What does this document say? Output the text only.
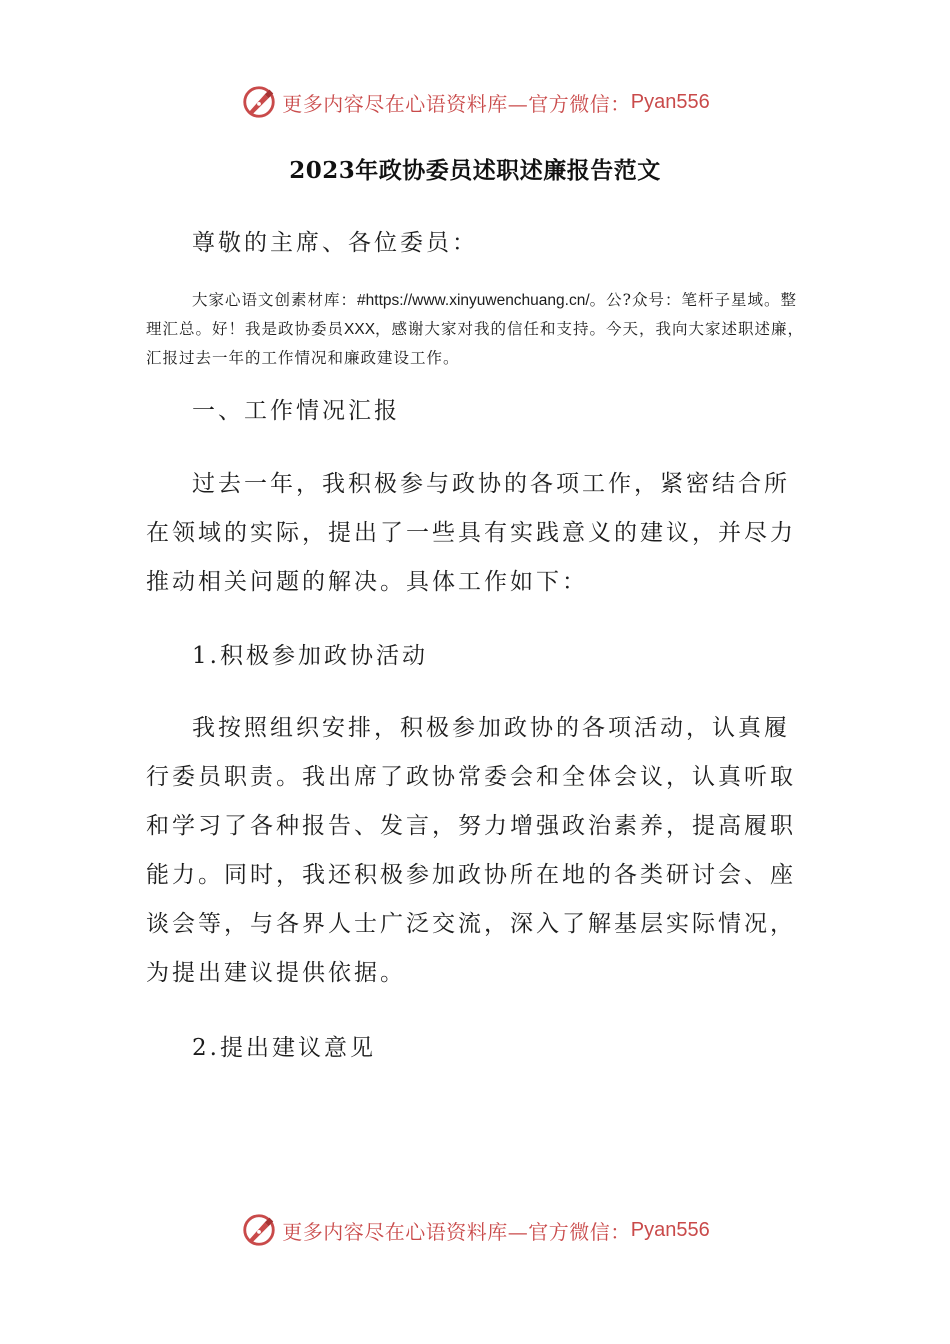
更多内容尽在心语资料库—官方微信： Pyan556
2023年政协委员述职述廉报告范文
尊敬的主席、各位委员：
大家心语文创素材库：#https://www.xinyuwenchuang.cn/。公?众号：笔杆子星域。整理汇总。好！我是政协委员XXX，感谢大家对我的信任和支持。今天，我向大家述职述廉，汇报过去一年的工作情况和廉政建设工作。
一、工作情况汇报
过去一年，我积极参与政协的各项工作，紧密结合所在领域的实际，提出了一些具有实践意义的建议，并尽力推动相关问题的解决。具体工作如下：
1.积极参加政协活动
我按照组织安排，积极参加政协的各项活动，认真履行委员职责。我出席了政协常委会和全体会议，认真听取和学习了各种报告、发言，努力增强政治素养，提高履职能力。同时，我还积极参加政协所在地的各类研讨会、座谈会等，与各界人士广泛交流，深入了解基层实际情况，为提出建议提供依据。
2.提出建议意见
更多内容尽在心语资料库—官方微信： Pyan556
